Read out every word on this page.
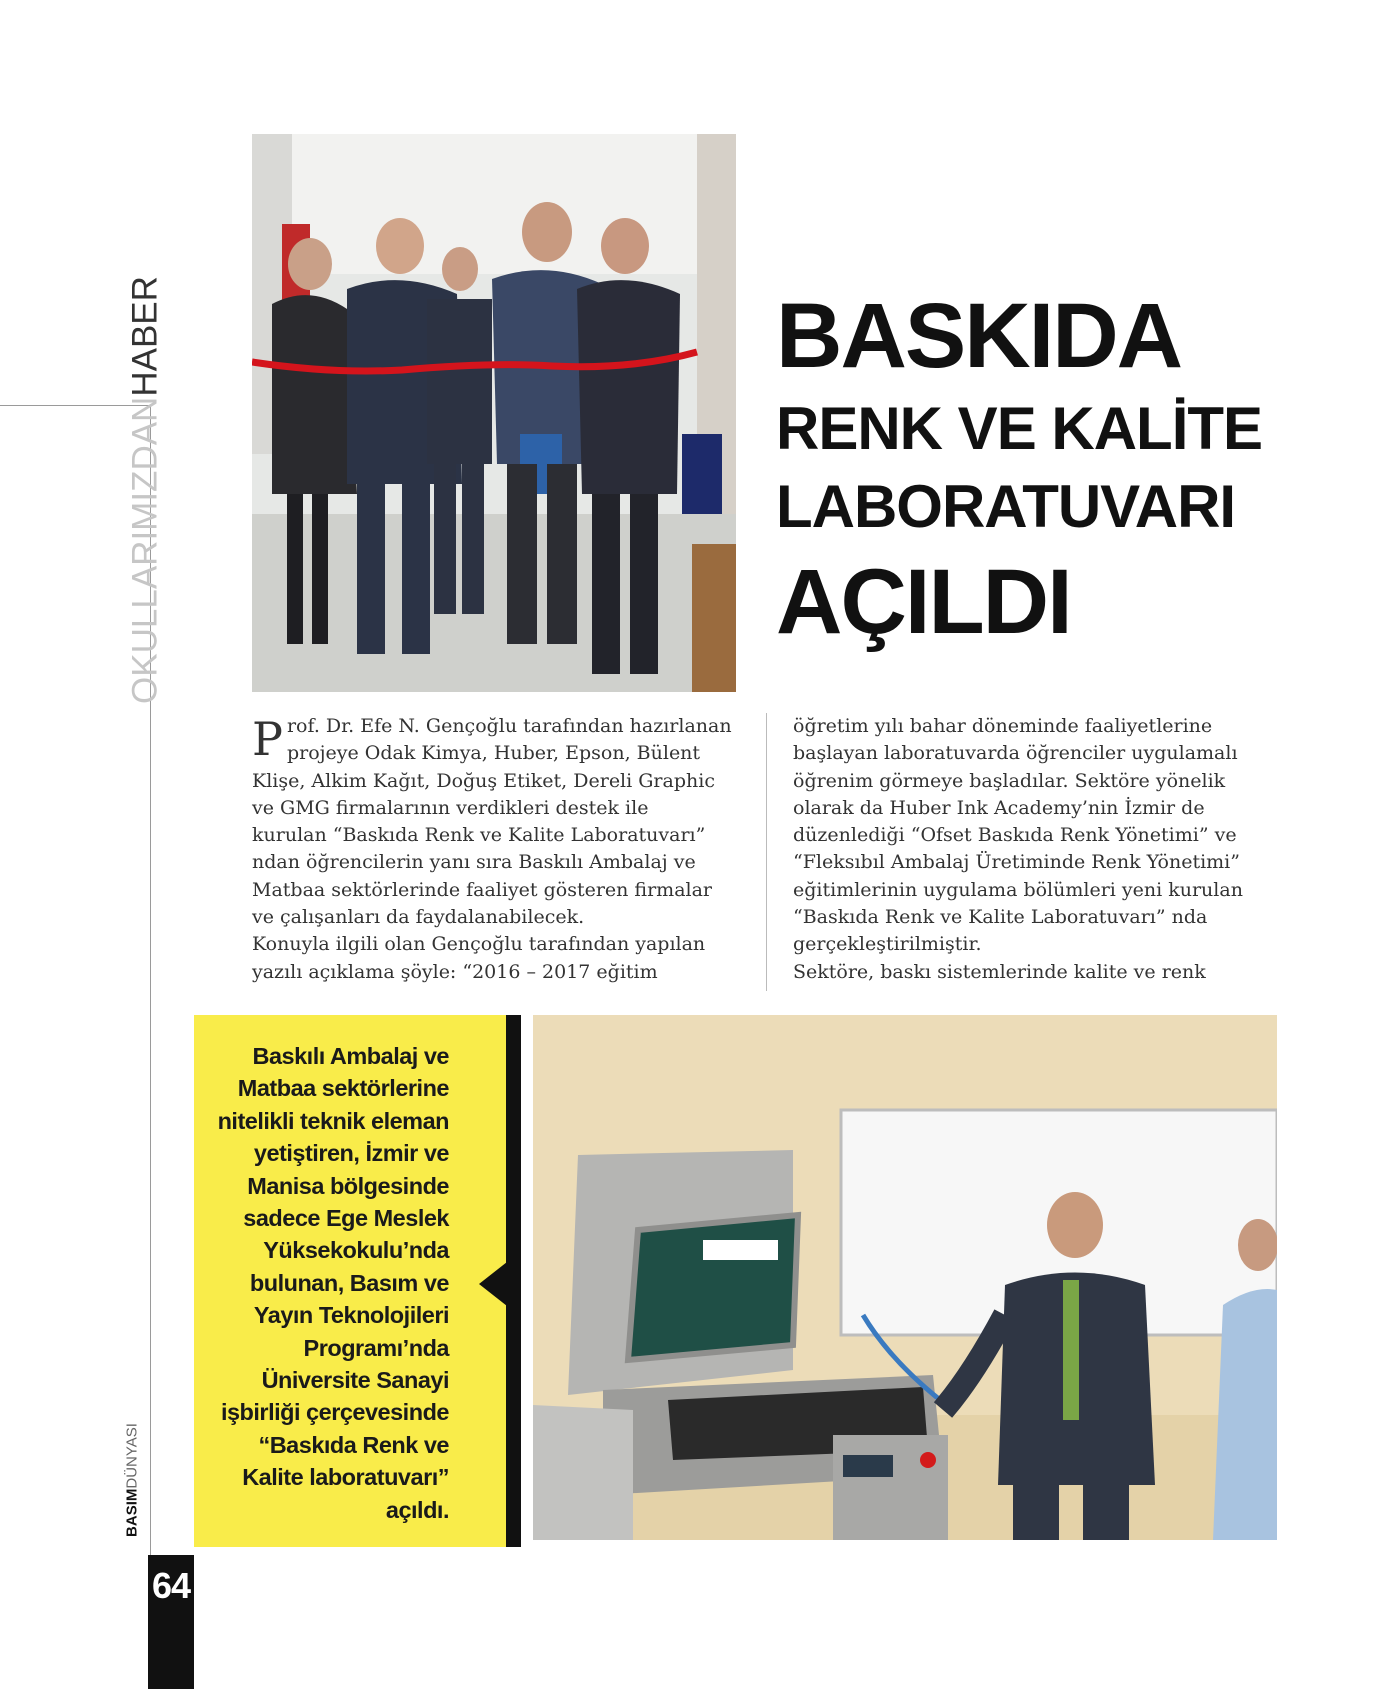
OKULLARIMIZDANHABER	BASKIDA
RENK VE KALİTE
LABORATUVARI
AÇILDI
P rof. Dr. Efe N. Gençoğlu tarafından hazırlanan

projeye Odak Kimya, Huber, Epson, Bülent

Klişe, Alkim Kağıt, Doğuş Etiket, Dereli Graphic

ve GMG firmalarının verdikleri destek ile

kurulan “Baskıda Renk ve Kalite Laboratuvarı”

ndan öğrencilerin yanı sıra Baskılı Ambalaj ve

Matbaa sektörlerinde faaliyet gösteren firmalar

ve çalışanları da faydalanabilecek.

Konuyla ilgili olan Gençoğlu tarafından yapılan

yazılı açıklama şöyle: “2016 – 2017 eğitim

öğretim yılı bahar döneminde faaliyetlerine

başlayan laboratuvarda öğrenciler uygulamalı

öğrenim görmeye başladılar. Sektöre yönelik

olarak da Huber Ink Academy’nin İzmir de

düzenlediği “Ofset Baskıda Renk Yönetimi” ve

“Fleksıbıl Ambalaj Üretiminde Renk Yönetimi”

eğitimlerinin uygulama bölümleri yeni kurulan

“Baskıda Renk ve Kalite Laboratuvarı” nda

gerçekleştirilmiştir.

Sektöre, baskı sistemlerinde kalite ve renk

Baskılı Ambalaj ve
Matbaa sektörlerine
nitelikli teknik eleman
yetiştiren, İzmir ve
Manisa bölgesinde
sadece Ege Meslek
Yüksekokulu’nda
bulunan, Basım ve
Yayın Teknolojileri
Programı’nda
Üniversite Sanayi
işbirliği çerçevesinde
“Baskıda Renk ve
Kalite laboratuvarı”
açıldı.
BASIMDÜNYASI
64
